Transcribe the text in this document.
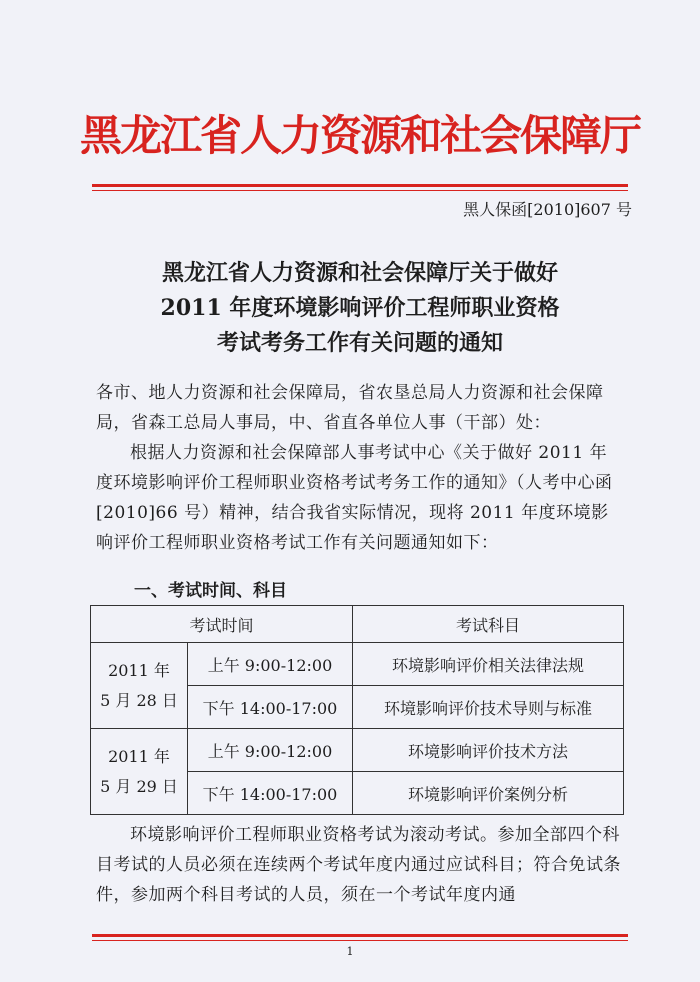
黑龙江省人力资源和社会保障厅
黑人保函[2010]607 号
黑龙江省人力资源和社会保障厅关于做好
2011 年度环境影响评价工程师职业资格
考试考务工作有关问题的通知

各市、地人力资源和社会保障局，省农垦总局人力资源和社会保障局，省森工总局人事局，中、省直各单位人事（干部）处：

根据人力资源和社会保障部人事考试中心《关于做好 2011 年度环境影响评价工程师职业资格考试考务工作的通知》（人考中心函[2010]66 号）精神，结合我省实际情况，现将 2011 年度环境影响评价工程师职业资格考试工作有关问题通知如下：

一、考试时间、科目
考试时间		考试科目

2011 年
5 月 28 日	上午 9:00-12:00	环境影响评价相关法律法规
	下午 14:00-17:00	环境影响评价技术导则与标准

2011 年
5 月 29 日	上午 9:00-12:00	环境影响评价技术方法
	下午 14:00-17:00	环境影响评价案例分析

环境影响评价工程师职业资格考试为滚动考试。参加全部四个科目考试的人员必须在连续两个考试年度内通过应试科目；符合免试条件，参加两个科目考试的人员，须在一个考试年度内通

1
